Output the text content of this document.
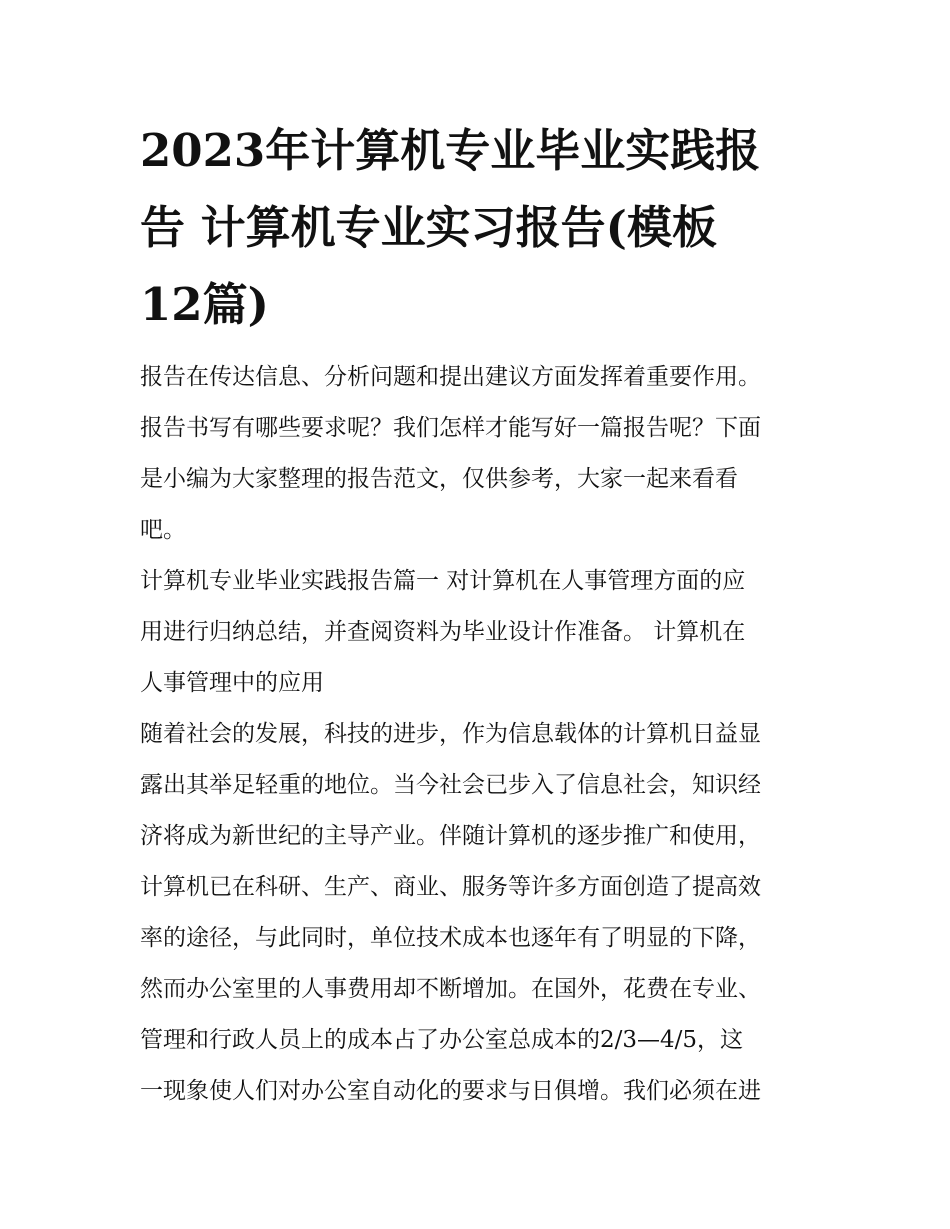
2023年计算机专业毕业实践报
告 计算机专业实习报告(模板
12篇)
报告在传达信息、分析问题和提出建议方面发挥着重要作用。
报告书写有哪些要求呢？我们怎样才能写好一篇报告呢？下面
是小编为大家整理的报告范文，仅供参考，大家一起来看看
吧。
计算机专业毕业实践报告篇一 对计算机在人事管理方面的应
用进行归纳总结，并查阅资料为毕业设计作准备。 计算机在
人事管理中的应用
随着社会的发展，科技的进步，作为信息载体的计算机日益显
露出其举足轻重的地位。当今社会已步入了信息社会，知识经
济将成为新世纪的主导产业。伴随计算机的逐步推广和使用，
计算机已在科研、生产、商业、服务等许多方面创造了提高效
率的途径，与此同时，单位技术成本也逐年有了明显的下降，
然而办公室里的人事费用却不断增加。在国外，花费在专业、
管理和行政人员上的成本占了办公室总成本的2/3—4/5，这
一现象使人们对办公室自动化的要求与日俱增。我们必须在进
